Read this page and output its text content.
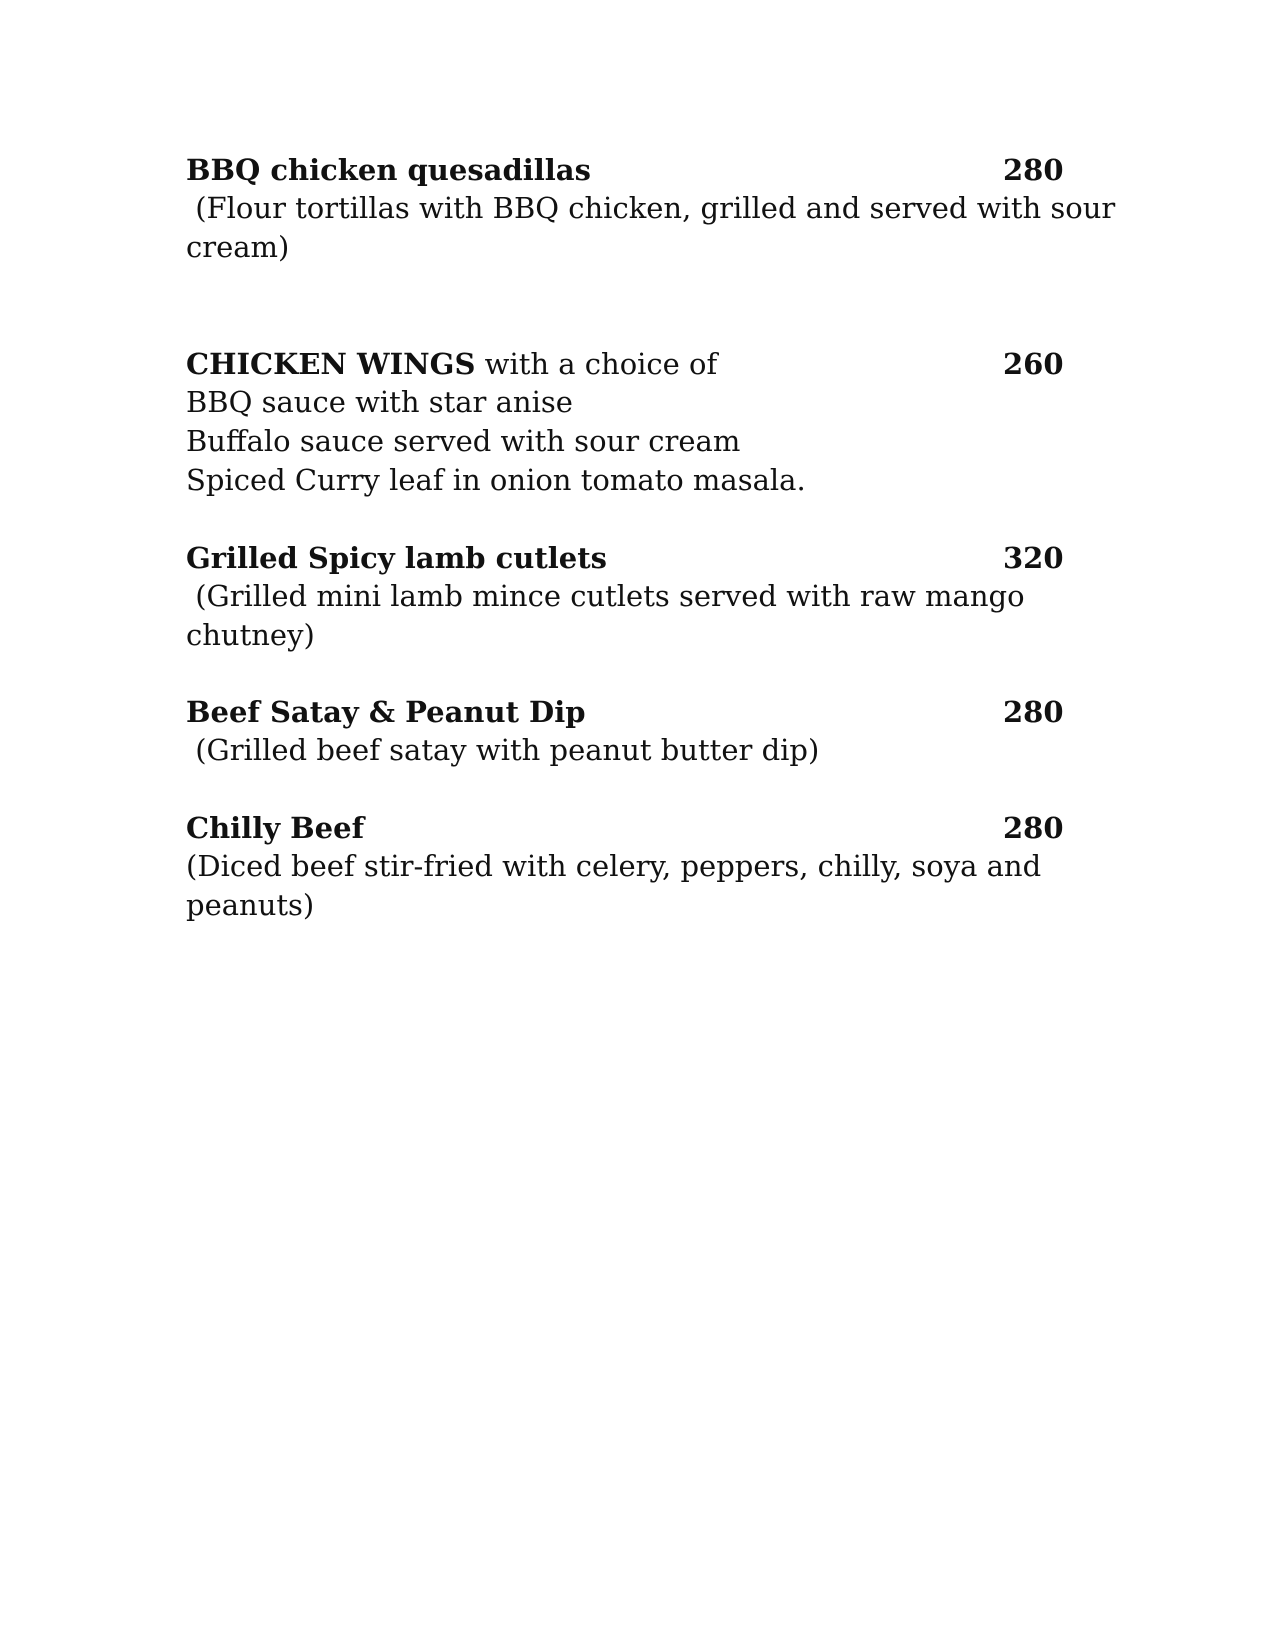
BBQ chicken quesadillas	280
(Flour tortillas with BBQ chicken, grilled and served with sour
cream)
CHICKEN WINGS with a choice of	260
BBQ sauce with star anise
Buffalo sauce served with sour cream
Spiced Curry leaf in onion tomato masala.
Grilled Spicy lamb cutlets	320
(Grilled mini lamb mince cutlets served with raw mango
chutney)
Beef Satay & Peanut Dip	280
(Grilled beef satay with peanut butter dip)
Chilly Beef	280
(Diced beef stir-fried with celery, peppers, chilly, soya and
peanuts)
